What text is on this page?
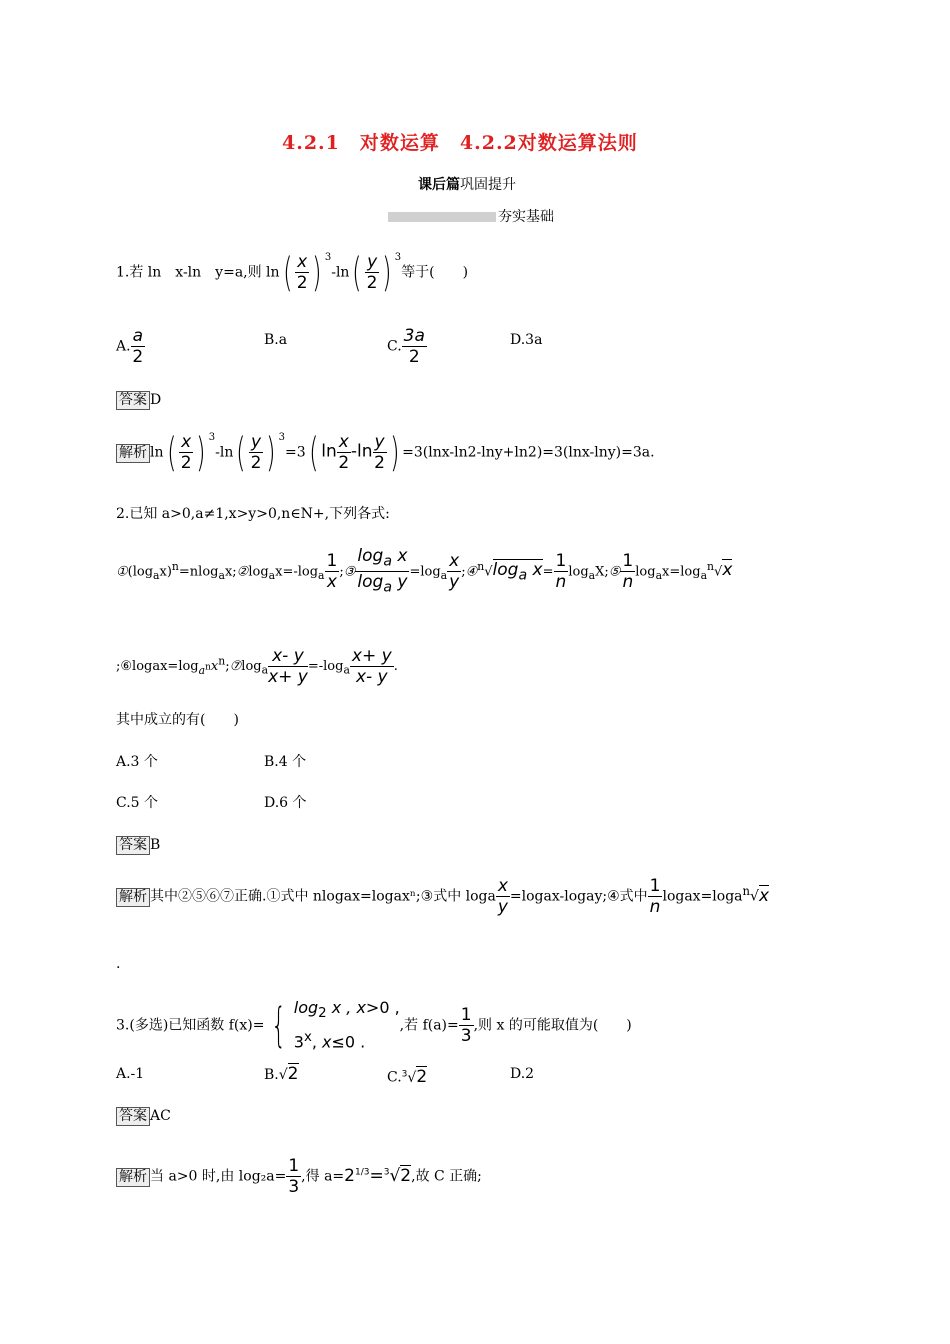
4.2.1　对数运算　4.2.2对数运算法则
课后篇巩固提升
夯实基础
1.若 ln　x-ln　y=a,则 $\ln( \frac{x}{2}$ ) $^3-\ln( \frac{y}{2}$ ) $^3$等于(　　)
A. $\frac{a}{2}$	B.a	C. $\frac{3a}{2}$	D.3a
答案 D
解析 $\ln( \frac{x}{2}$ ) $^3-\ln( \frac{y}{2}$ ) $^3$=3( $\ln \frac{x}{2} -\ln \frac{y}{2}$ ) =3(lnx-ln2-lny+ln2)=3(lnx-lny)=3a.
2.已知 a>0,a≠1,x>y>0,n∈N+,下列各式:
$①(\log_ax)^n=nlog_ax;②\log_ax=-\log_a \frac{1}{x}$ ;③ $\frac{\log_a x}{\log_a y} =\log_a \frac{x}{y}$ $;④^n√\log_a$ $x= \frac{1}{n}$ $\log_aX;⑤ \frac{1}{n} \log_ax=\log_a^n√x$
$;⑥logax=\log_{a^n}x^n;⑦\log_a \frac{x- y}{x+ y} =-\log_a \frac{x+ y}{x- y}$ .
其中成立的有(　　)
A.3 个	B.4 个
C.5 个	D.6 个
答案 B
解析 其中②⑤⑥⑦正确.①式中 nlogax=logaxⁿ;③式中 loga $\frac{x}{y}$ =logax-logay;④式中 $\frac{1}{n}$ logax=loga$^n$√x
.
3.(多选)已知函数 f(x)= { $\log_2 x$ , x>0 ,
3$^x$, x≤0 .,若 $f(a)= \frac{1}{3}$ ,则 x 的可能取值为(　　)
A.-1	B.√2	C.$^3$√2	D.2
答案 AC
解析 当 a>0 时,由 $\log_2a= \frac{1}{3}$ ,得 $a=2^{1/3}=^3√2$,故 C 正确;
